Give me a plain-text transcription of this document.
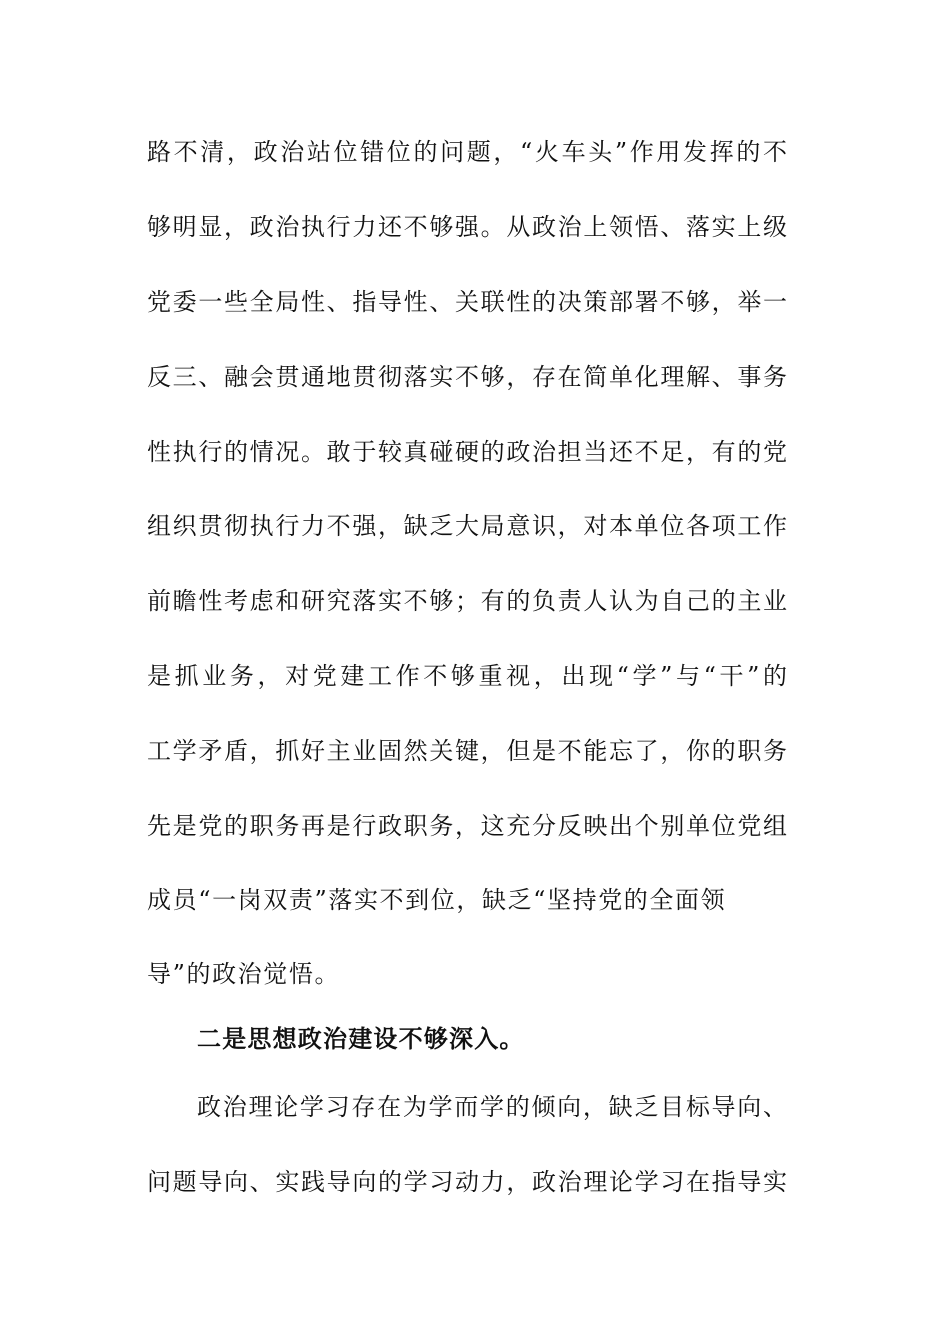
路不清，政治站位错位的问题，“火车头”作用发挥的不
够明显，政治执行力还不够强。从政治上领悟、落实上级
党委一些全局性、指导性、关联性的决策部署不够，举一
反三、融会贯通地贯彻落实不够，存在简单化理解、事务
性执行的情况。敢于较真碰硬的政治担当还不足，有的党
组织贯彻执行力不强，缺乏大局意识，对本单位各项工作
前瞻性考虑和研究落实不够；有的负责人认为自己的主业
是抓业务，对党建工作不够重视，出现“学”与“干”的
工学矛盾，抓好主业固然关键，但是不能忘了，你的职务
先是党的职务再是行政职务，这充分反映出个别单位党组
成员“一岗双责”落实不到位，缺乏“坚持党的全面领
导”的政治觉悟。
二是思想政治建设不够深入。
政治理论学习存在为学而学的倾向，缺乏目标导向、
问题导向、实践导向的学习动力，政治理论学习在指导实
